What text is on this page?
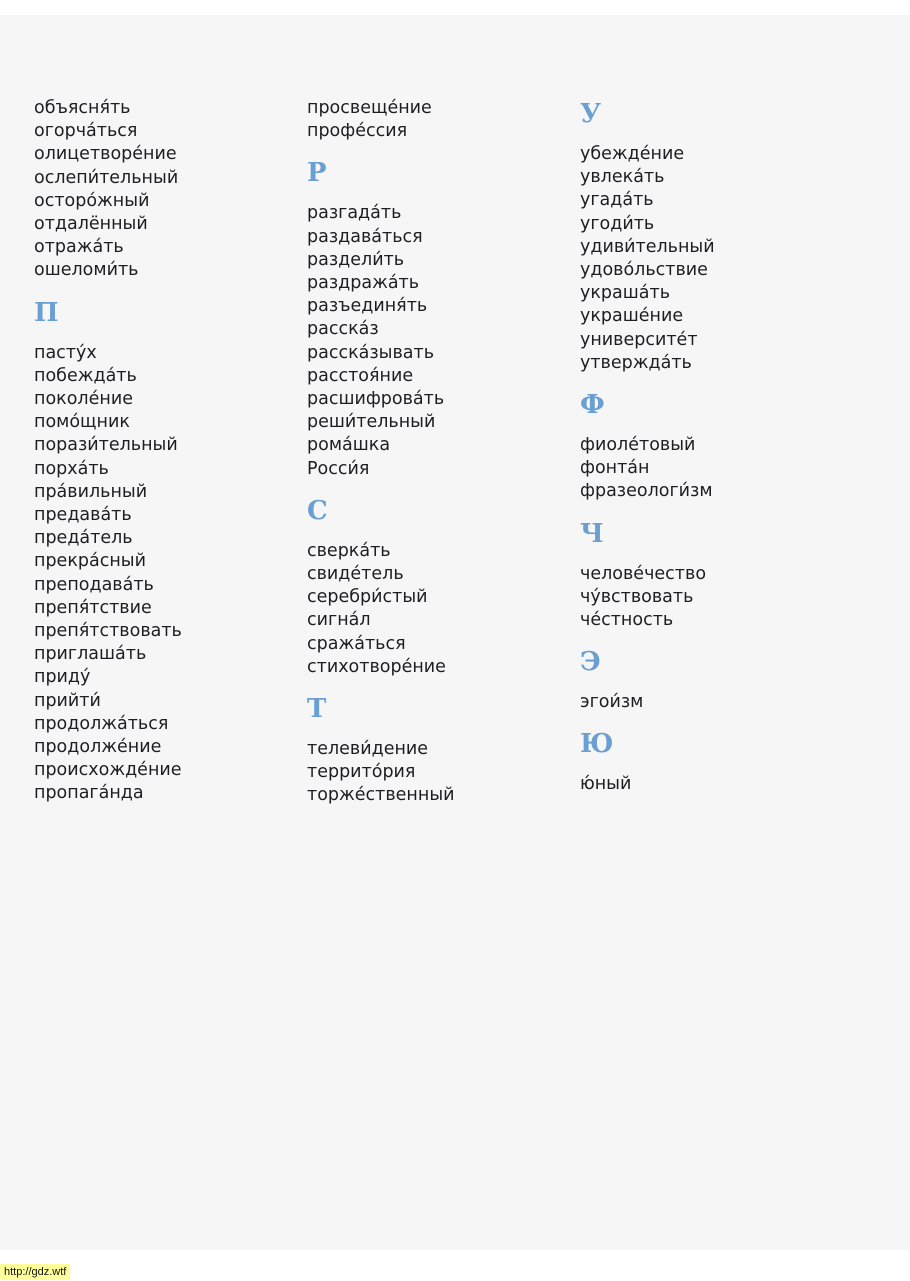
объясня́ть
огорча́ться
олицетворе́ние
ослепи́тельный
осторо́жный
отдалённый
отража́ть
ошеломи́ть
П
пасту́х
побежда́ть
поколе́ние
помо́щник
порази́тельный
порха́ть
пра́вильный
предава́ть
преда́тель
прекра́сный
преподава́ть
препя́тствие
препя́тствовать
приглаша́ть
приду́
прийти́
продолжа́ться
продолже́ние
происхожде́ние
пропага́нда
просвеще́ние
профе́ссия
Р
разгада́ть
раздава́ться
раздели́ть
раздража́ть
разъединя́ть
расска́з
расска́зывать
расстоя́ние
расшифрова́ть
реши́тельный
рома́шка
Росси́я
С
сверка́ть
свиде́тель
серебри́стый
сигна́л
сража́ться
стихотворе́ние
Т
телеви́дение
террито́рия
торже́ственный
У
убежде́ние
увлека́ть
угада́ть
угоди́ть
удиви́тельный
удово́льствие
украша́ть
украше́ние
университе́т
утвержда́ть
Ф
фиоле́товый
фонта́н
фразеологи́зм
Ч
челове́чество
чу́вствовать
че́стность
Э
эгои́зм
Ю
ю́ный
http://gdz.wtf
